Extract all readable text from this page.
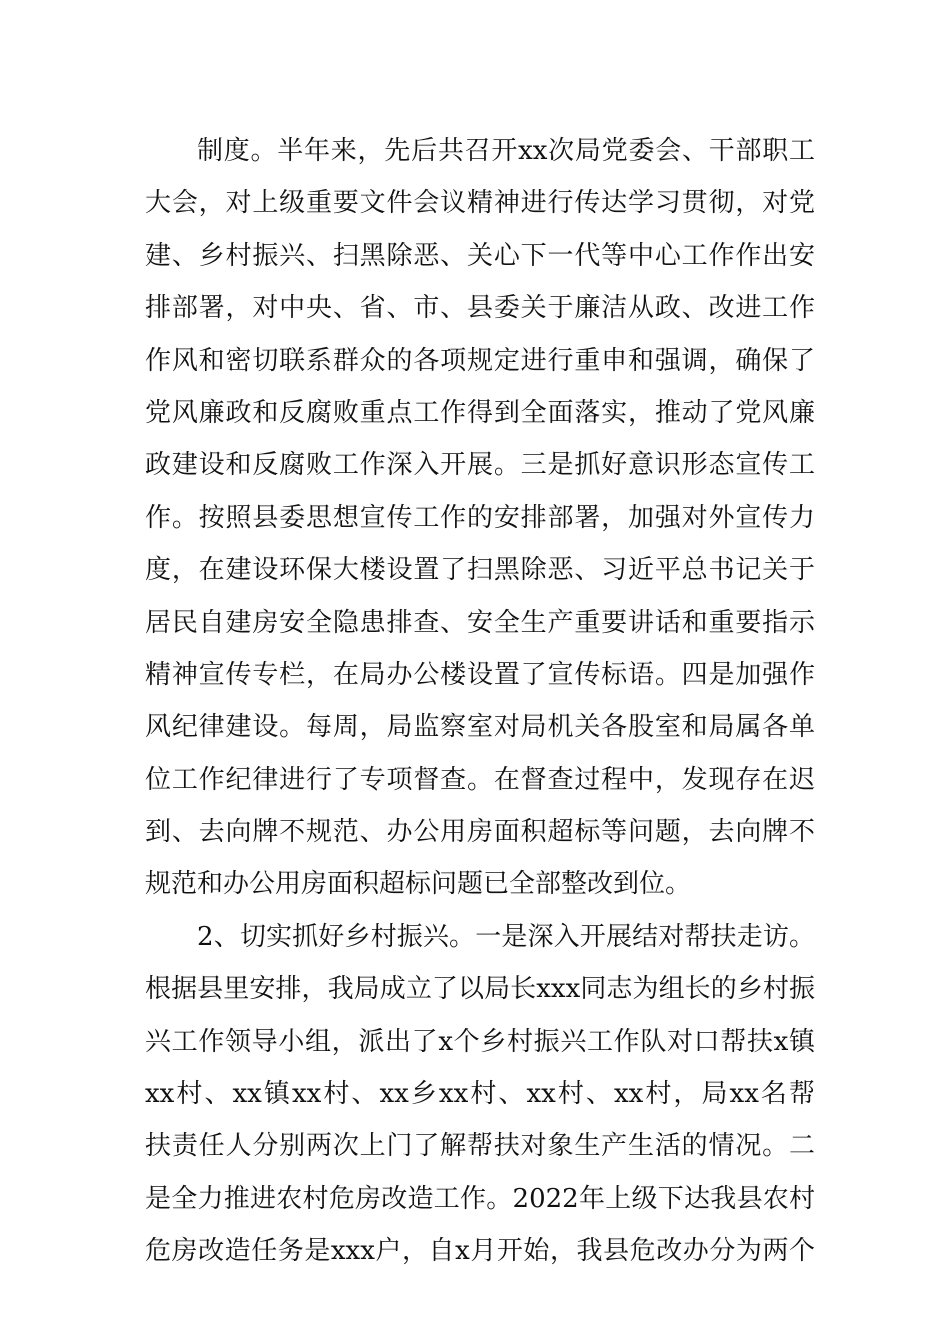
制度。半年来，先后共召开xx次局党委会、干部职工
大会，对上级重要文件会议精神进行传达学习贯彻，对党
建、乡村振兴、扫黑除恶、关心下一代等中心工作作出安
排部署，对中央、省、市、县委关于廉洁从政、改进工作
作风和密切联系群众的各项规定进行重申和强调，确保了
党风廉政和反腐败重点工作得到全面落实，推动了党风廉
政建设和反腐败工作深入开展。三是抓好意识形态宣传工
作。按照县委思想宣传工作的安排部署，加强对外宣传力
度，在建设环保大楼设置了扫黑除恶、习近平总书记关于
居民自建房安全隐患排查、安全生产重要讲话和重要指示
精神宣传专栏，在局办公楼设置了宣传标语。四是加强作
风纪律建设。每周，局监察室对局机关各股室和局属各单
位工作纪律进行了专项督查。在督查过程中，发现存在迟
到、去向牌不规范、办公用房面积超标等问题，去向牌不
规范和办公用房面积超标问题已全部整改到位。
2、切实抓好乡村振兴。一是深入开展结对帮扶走访。
根据县里安排，我局成立了以局长xxx同志为组长的乡村振
兴工作领导小组，派出了x个乡村振兴工作队对口帮扶x镇
xx村、xx镇xx村、xx乡xx村、xx村、xx村，局xx名帮
扶责任人分别两次上门了解帮扶对象生产生活的情况。二
是全力推进农村危房改造工作。2022年上级下达我县农村
危房改造任务是xxx户，自x月开始，我县危改办分为两个
